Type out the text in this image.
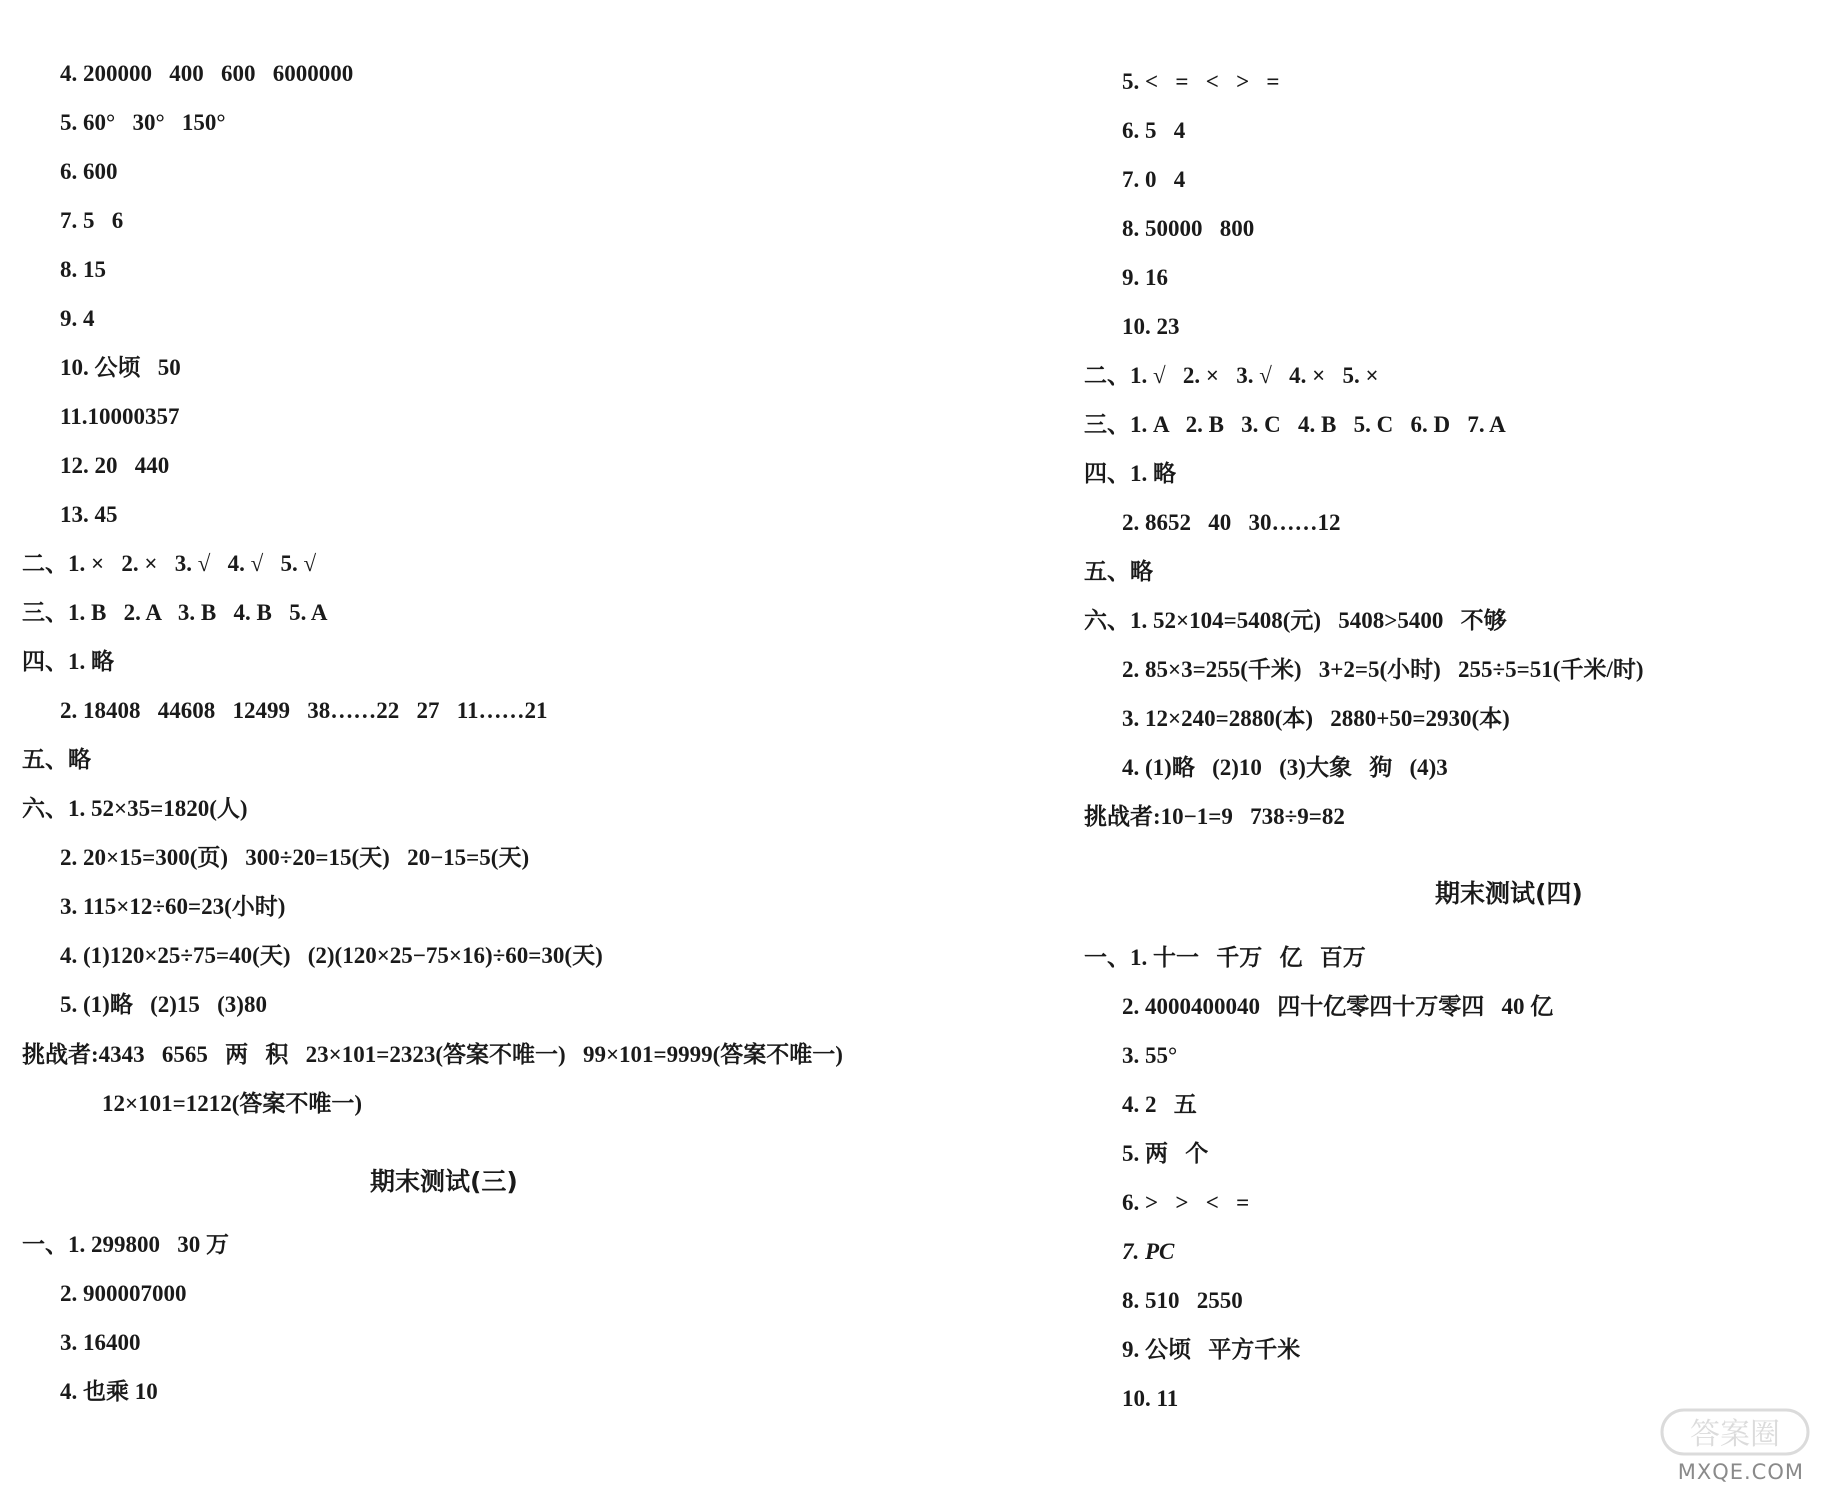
4. 200000   400   600   6000000
5. 60°   30°   150°
6. 600
7. 5   6
8. 15
9. 4
10. 公顷   50
11.10000357
12. 20   440
13. 45
二、1. ×   2. ×   3. √   4. √   5. √
三、1. B   2. A   3. B   4. B   5. A
四、1. 略
2. 18408   44608   12499   38……22   27   11……21
五、略
六、1. 52×35=1820(人)
2. 20×15=300(页)   300÷20=15(天)   20−15=5(天)
3. 115×12÷60=23(小时)
4. (1)120×25÷75=40(天)   (2)(120×25−75×16)÷60=30(天)
5. (1)略   (2)15   (3)80
挑战者:4343   6565   两   积   23×101=2323(答案不唯一)   99×101=9999(答案不唯一)
12×101=1212(答案不唯一)
期末测试(三)
一、1. 299800   30 万
2. 900007000
3. 16400
4. 也乘 10
5. <   =   <   >   =
6. 5   4
7. 0   4
8. 50000   800
9. 16
10. 23
二、1. √   2. ×   3. √   4. ×   5. ×
三、1. A   2. B   3. C   4. B   5. C   6. D   7. A
四、1. 略
2. 8652   40   30……12
五、略
六、1. 52×104=5408(元)   5408>5400   不够
2. 85×3=255(千米)   3+2=5(小时)   255÷5=51(千米/时)
3. 12×240=2880(本)   2880+50=2930(本)
4. (1)略   (2)10   (3)大象   狗   (4)3
挑战者:10−1=9   738÷9=82
期末测试(四)
一、1. 十一   千万   亿   百万
2. 4000400040   四十亿零四十万零四   40 亿
3. 55°
4. 2   五
5. 两   个
6. >   >   <   =
7. PC
8. 510   2550
9. 公顷   平方千米
10. 11
答案圈
MXQE.COM
